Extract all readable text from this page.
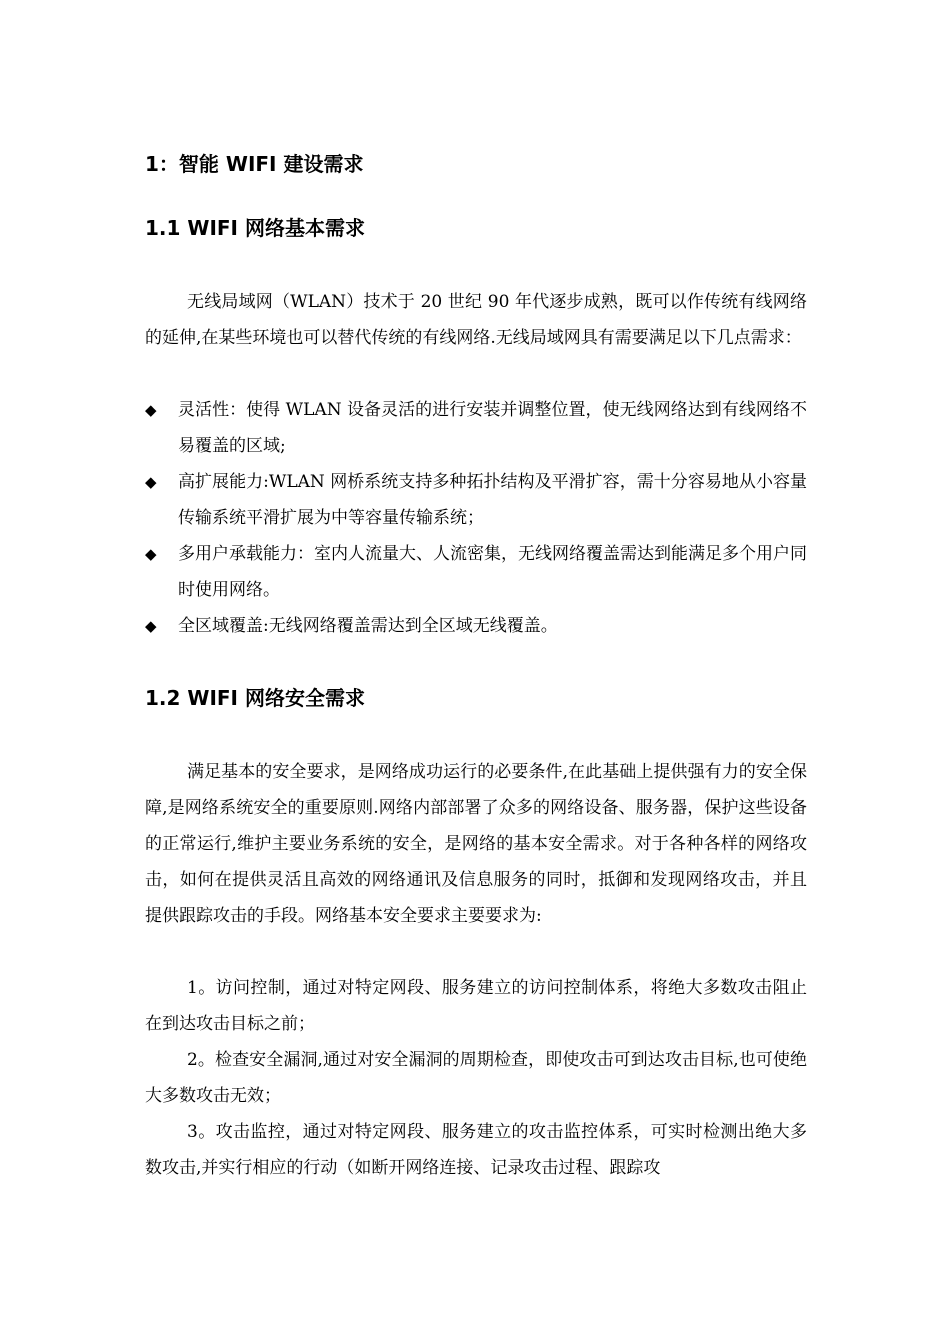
1：智能 WIFI 建设需求
1.1 WIFI 网络基本需求

无线局域网（WLAN）技术于 20 世纪 90 年代逐步成熟，既可以作传统有线网络的延伸,在某些环境也可以替代传统的有线网络.无线局域网具有需要满足以下几点需求：

◆ 灵活性：使得 WLAN 设备灵活的进行安装并调整位置，使无线网络达到有线网络不易覆盖的区域;
◆ 高扩展能力:WLAN 网桥系统支持多种拓扑结构及平滑扩容，需十分容易地从小容量传输系统平滑扩展为中等容量传输系统；
◆ 多用户承载能力：室内人流量大、人流密集，无线网络覆盖需达到能满足多个用户同时使用网络。
◆ 全区域覆盖:无线网络覆盖需达到全区域无线覆盖。
1.2 WIFI 网络安全需求

满足基本的安全要求，是网络成功运行的必要条件,在此基础上提供强有力的安全保障,是网络系统安全的重要原则.网络内部部署了众多的网络设备、服务器，保护这些设备的正常运行,维护主要业务系统的安全，是网络的基本安全需求。对于各种各样的网络攻击，如何在提供灵活且高效的网络通讯及信息服务的同时，抵御和发现网络攻击，并且提供跟踪攻击的手段。网络基本安全要求主要要求为:

1。访问控制，通过对特定网段、服务建立的访问控制体系，将绝大多数攻击阻止在到达攻击目标之前；

2。检查安全漏洞,通过对安全漏洞的周期检查，即使攻击可到达攻击目标,也可使绝大多数攻击无效；

3。攻击监控，通过对特定网段、服务建立的攻击监控体系，可实时检测出绝大多数攻击,并实行相应的行动（如断开网络连接、记录攻击过程、跟踪攻
